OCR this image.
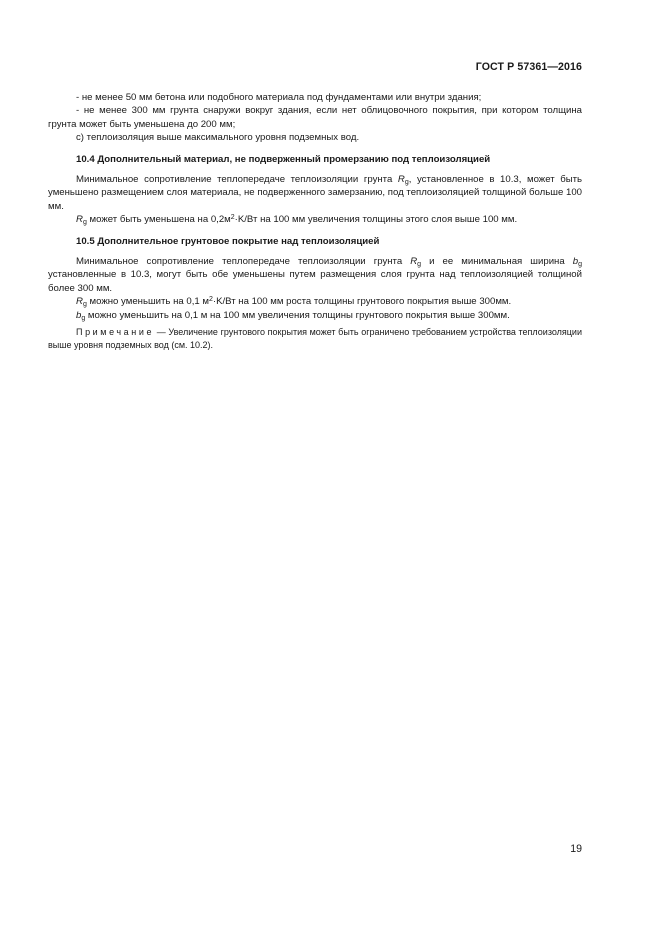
ГОСТ Р 57361—2016

- не менее 50 мм бетона или подобного материала под фундаментами или внутри здания;

- не менее 300 мм грунта снаружи вокруг здания, если нет облицовочного покрытия, при котором толщина грунта может быть уменьшена до 200 мм;

с) теплоизоляция выше максимального уровня подземных вод.

10.4 Дополнительный материал, не подверженный промерзанию под теплоизоляцией

Минимальное сопротивление теплопередаче теплоизоляции грунта $R_g$, установленное в 10.3, может быть уменьшено размещением слоя материала, не подверженного замерзанию, под теплоизоляцией толщиной больше 100 мм.

$R_g$ может быть уменьшена на $0,2м^2\cdot K/Вт$ на 100 мм увеличения толщины этого слоя выше 100 мм.

10.5 Дополнительное грунтовое покрытие над теплоизоляцией

Минимальное сопротивление теплопередаче теплоизоляции грунта $R_g$ и ее минимальная ширина $b_g$ установленные в 10.3, могут быть обе уменьшены путем размещения слоя грунта над теплоизоляцией толщиной более 300 мм.

$R_g$ можно уменьшить на 0,1 $м^2\cdot K/Вт$ на 100 мм роста толщины грунтового покрытия выше 300мм.

$b_g$ можно уменьшить на 0,1 м на 100 мм увеличения толщины грунтового покрытия выше 300мм.

Примечание — Увеличение грунтового покрытия может быть ограничено требованием устройства теплоизоляции выше уровня подземных вод (см. 10.2).

19
